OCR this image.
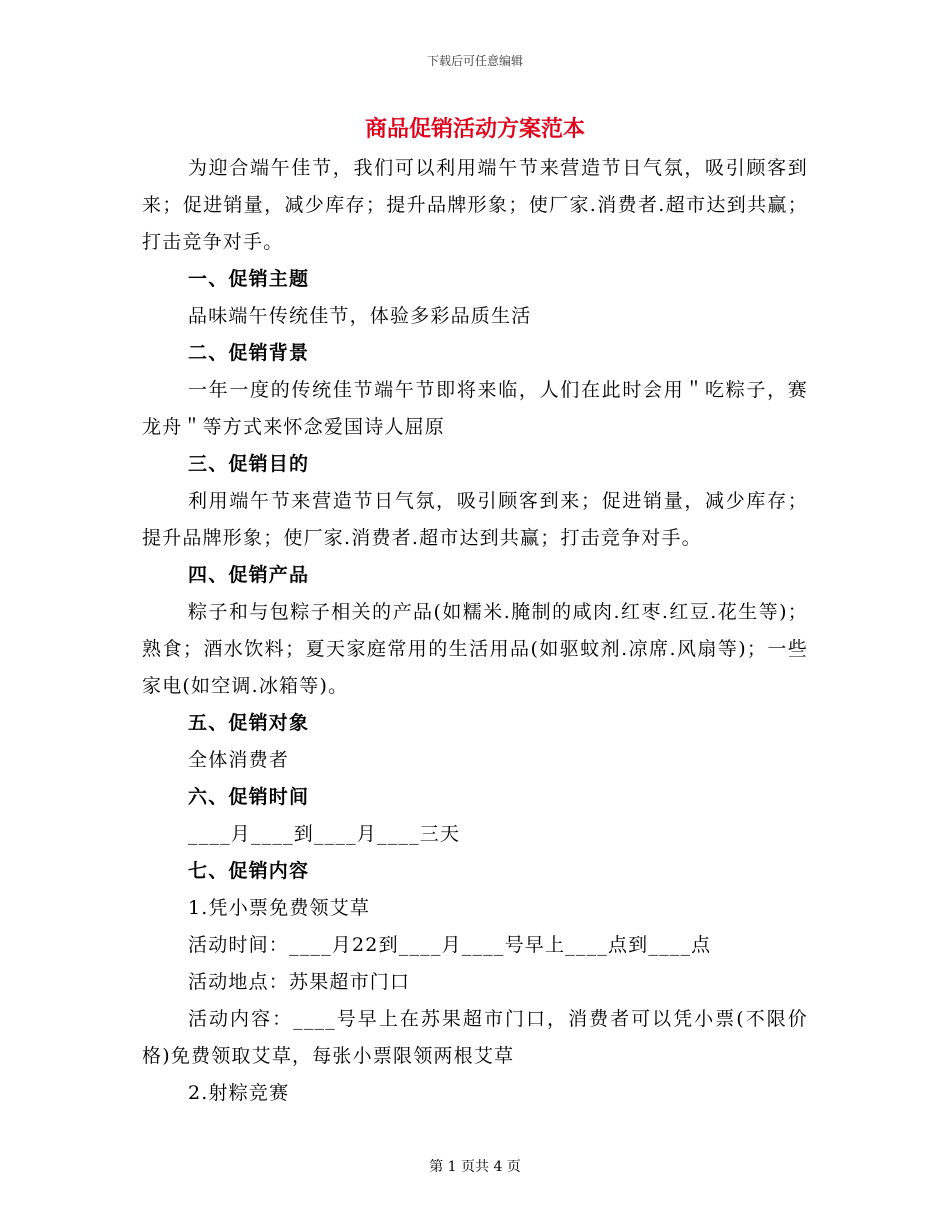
下载后可任意编辑
商品促销活动方案范本
为迎合端午佳节，我们可以利用端午节来营造节日气氛，吸引顾客到来；促进销量，减少库存；提升品牌形象；使厂家.消费者.超市达到共赢；打击竞争对手。
一、促销主题
品味端午传统佳节，体验多彩品质生活
二、促销背景
一年一度的传统佳节端午节即将来临，人们在此时会用＂吃粽子，赛龙舟＂等方式来怀念爱国诗人屈原
三、促销目的
利用端午节来营造节日气氛，吸引顾客到来；促进销量，减少库存；提升品牌形象；使厂家.消费者.超市达到共赢；打击竞争对手。
四、促销产品
粽子和与包粽子相关的产品(如糯米.腌制的咸肉.红枣.红豆.花生等)；熟食；酒水饮料；夏天家庭常用的生活用品(如驱蚊剂.凉席.风扇等)；一些家电(如空调.冰箱等)。
五、促销对象
全体消费者
六、促销时间
____月____到____月____三天
七、促销内容
1.凭小票免费领艾草
活动时间：____月22到____月____号早上____点到____点
活动地点：苏果超市门口
活动内容：____号早上在苏果超市门口，消费者可以凭小票(不限价格)免费领取艾草，每张小票限领两根艾草
2.射粽竞赛
第 1 页共 4 页
